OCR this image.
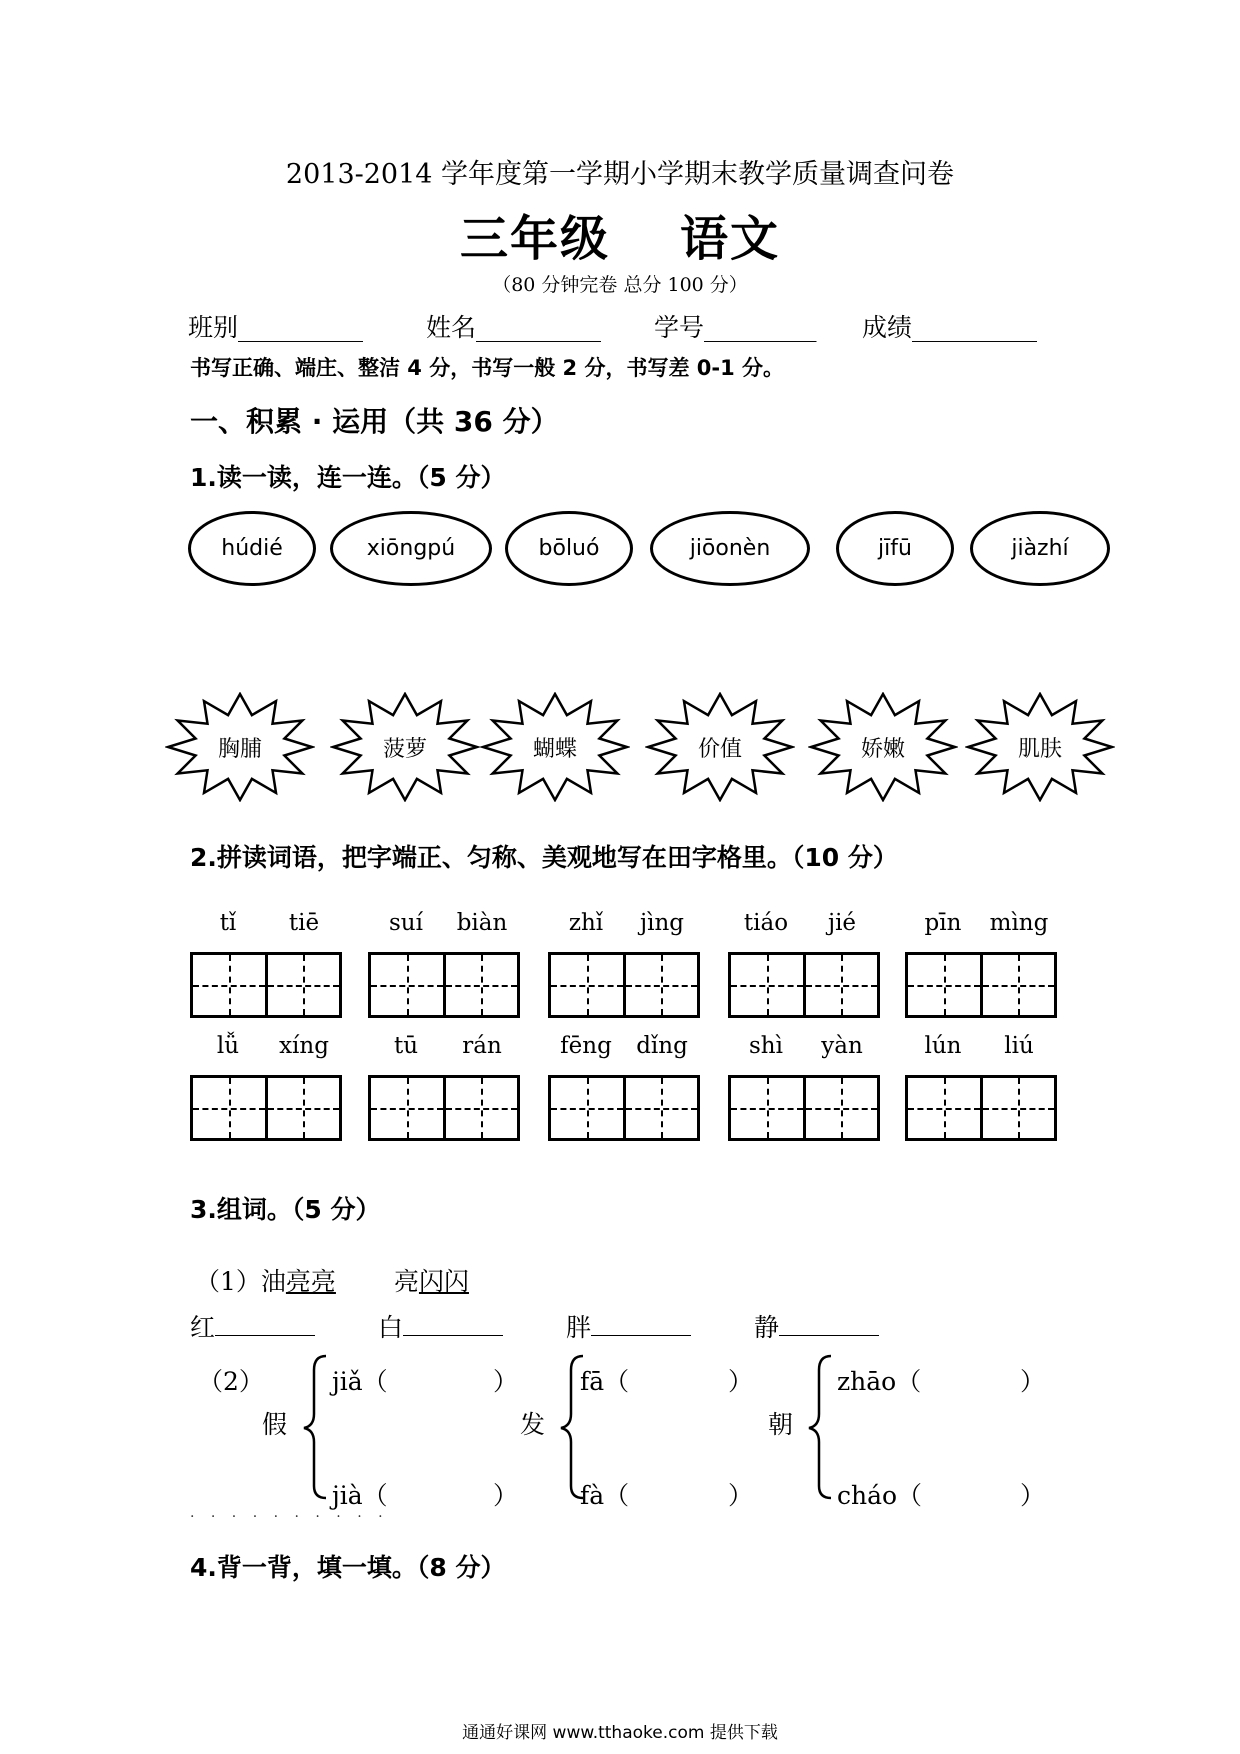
2013-2014 学年度第一学期小学期末教学质量调查问卷
三年级 语文
（80 分钟完卷 总分 100 分）
班别__________	姓名__________ 学号_________ 成绩__________
书写正确、端庄、整洁 4 分，书写一般 2 分，书写差 0-1 分。
一、积累 · 运用（共 36 分）
1.读一读，连一连。（5 分）
húdié	xiōngpú	bōluó	jiōonèn	jīfū	jiàzhí
胸脯	菠萝	蝴蝶	价值	娇嫩	肌肤
2.拼读词语，把字端正、匀称、美观地写在田字格里。（10 分）
tǐ	tiē	suí	biàn	zhǐ	jìng	tiáo	jié	pīn	mìng
lǚ	xíng	tū	rán	fēng	dǐng	shì	yàn	lún	liú
3.组词。（5 分）
（1）油亮亮 亮闪闪
红	白	胖	静
（2）
假
jiǎ（	）
jià（	）
发
fā（	）
fà（	）
朝
zhāo（	）
cháo（	）
. . . . . . . . . .
4.背一背，填一填。（8 分）
通通好课网 www.tthaoke.com 提供下载
